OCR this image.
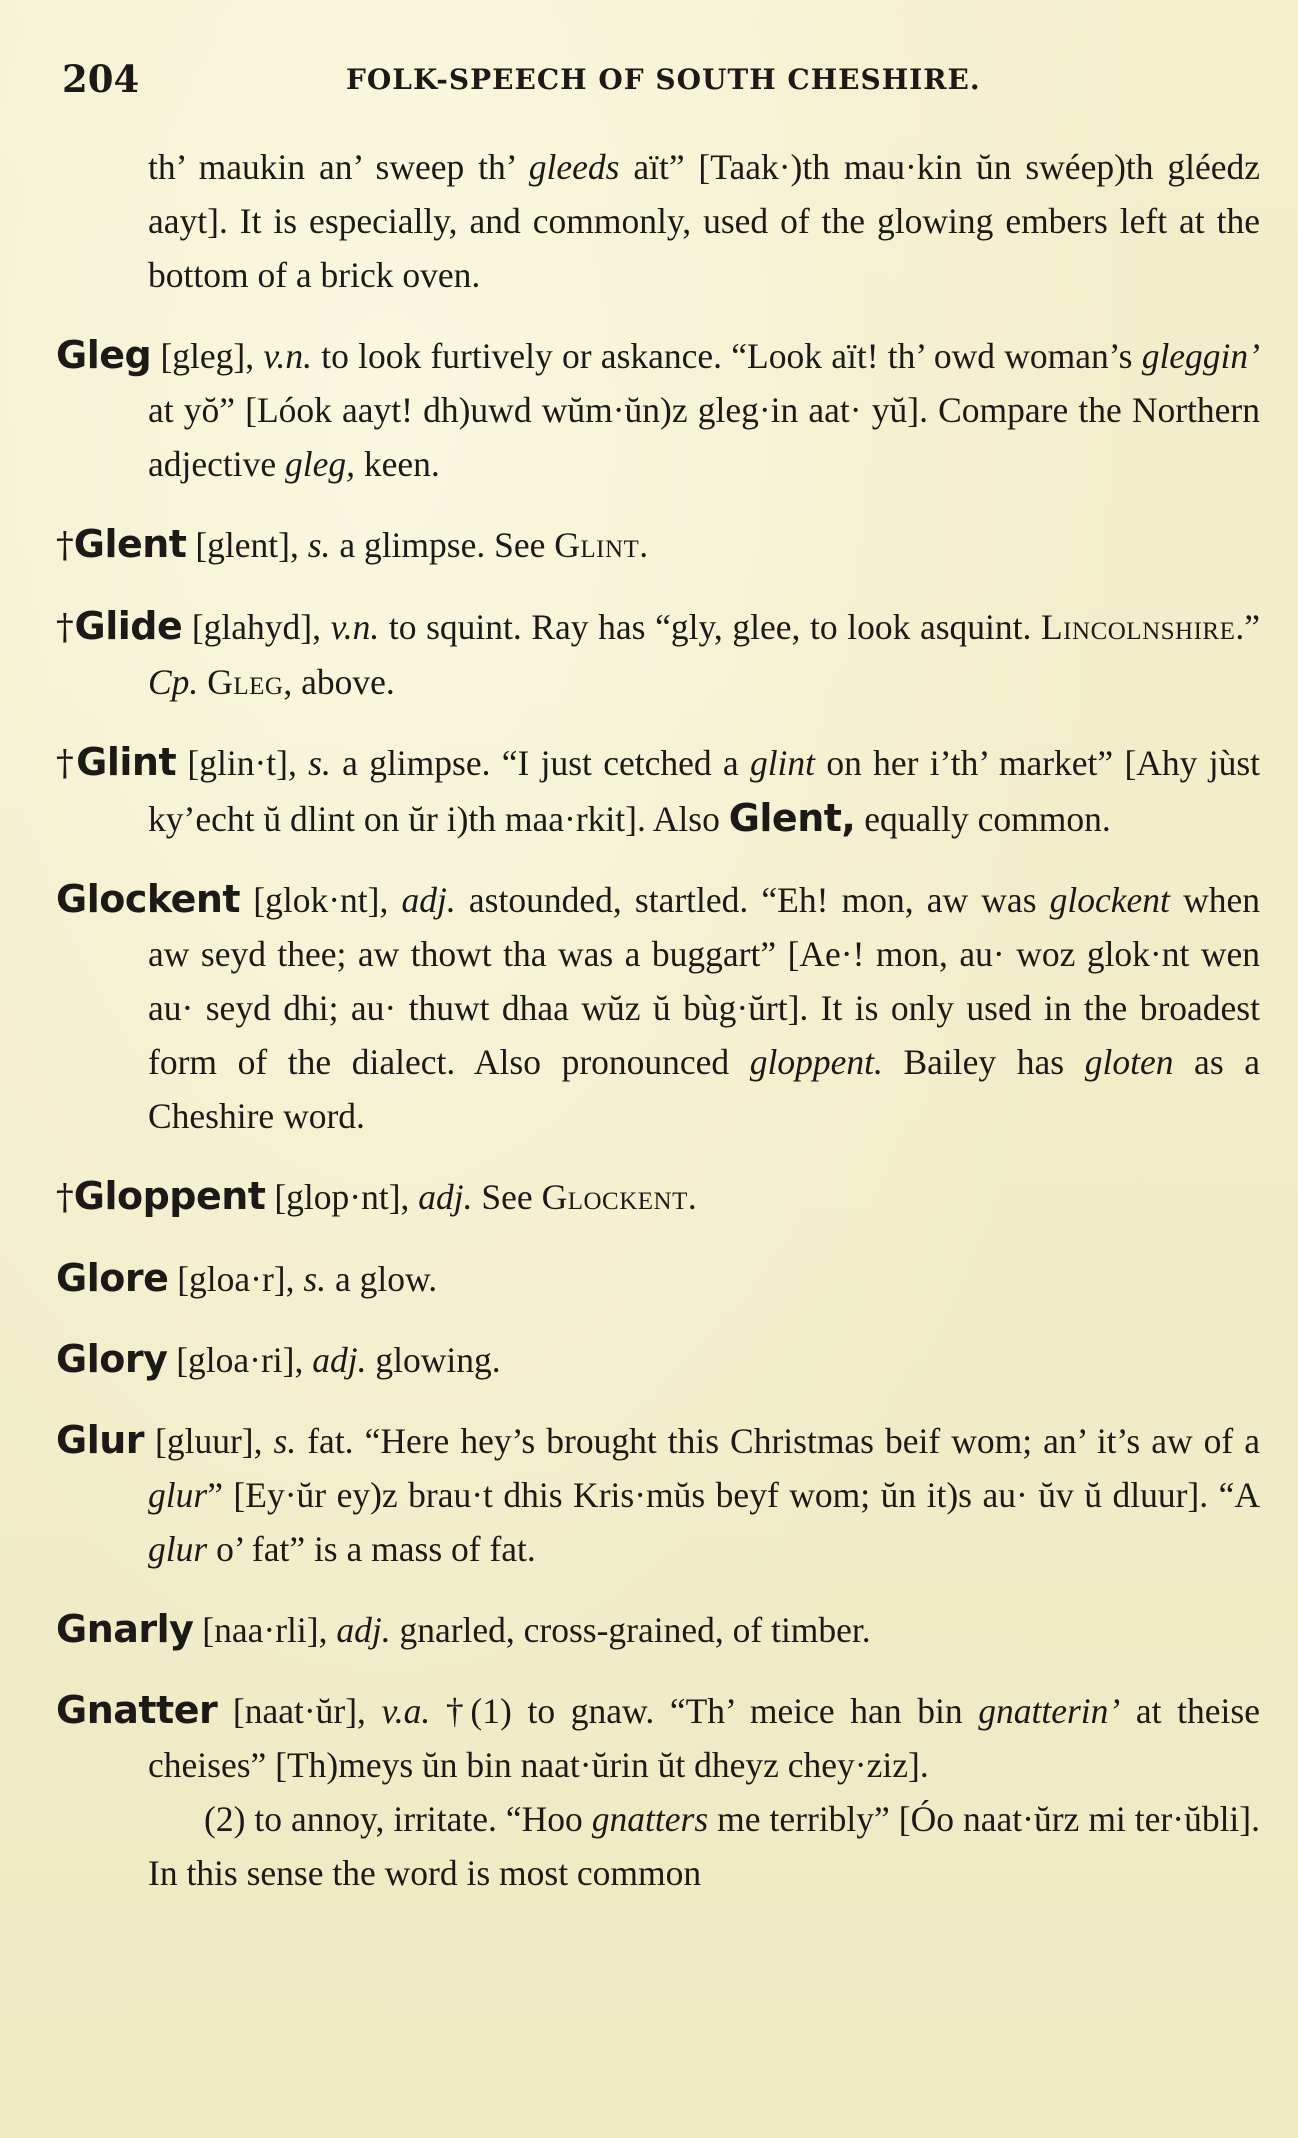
204	FOLK-SPEECH OF SOUTH CHESHIRE.

th’ maukin an’ sweep th’ gleeds aït” [Taak·)th mau·kin ŭn swéep)th gléedz aayt]. It is especially, and commonly, used of the glowing embers left at the bottom of a brick oven.

Gleg [gleg], v.n. to look furtively or askance. “Look aït! th’ owd woman’s gleggin’ at yŏ” [Lóok aayt! dh)uwd wŭm·ŭn)z gleg·in aat· yŭ]. Compare the Northern adjective gleg, keen.

†Glent [glent], s. a glimpse. See Glint.

†Glide [glahyd], v.n. to squint. Ray has “gly, glee, to look asquint. Lincolnshire.” Cp. Gleg, above.

†Glint [glin·t], s. a glimpse. “I just cetched a glint on her i’th’ market” [Ahy jùst ky’echt ŭ dlint on ŭr i)th maa·rkit]. Also Glent, equally common.

Glockent [glok·nt], adj. astounded, startled. “Eh! mon, aw was glockent when aw seyd thee; aw thowt tha was a buggart” [Ae·! mon, au· woz glok·nt wen au· seyd dhi; au· thuwt dhaa wŭz ŭ bùg·ŭrt]. It is only used in the broadest form of the dialect. Also pronounced gloppent. Bailey has gloten as a Cheshire word.

†Gloppent [glop·nt], adj. See Glockent.

Glore [gloa·r], s. a glow.

Glory [gloa·ri], adj. glowing.

Glur [gluur], s. fat. “Here hey’s brought this Christmas beif wom; an’ it’s aw of a glur” [Ey·ŭr ey)z brau·t dhis Kris·mŭs beyf wom; ŭn it)s au· ŭv ŭ dluur]. “A glur o’ fat” is a mass of fat.

Gnarly [naa·rli], adj. gnarled, cross-grained, of timber.

Gnatter [naat·ŭr], v.a. †(1) to gnaw. “Th’ meice han bin gnatterin’ at theise cheises” [Th)meys ŭn bin naat·ŭrin ŭt dheyz chey·ziz].

(2) to annoy, irritate. “Hoo gnatters me terribly” [Óo naat·ŭrz mi ter·ŭbli]. In this sense the word is most common
